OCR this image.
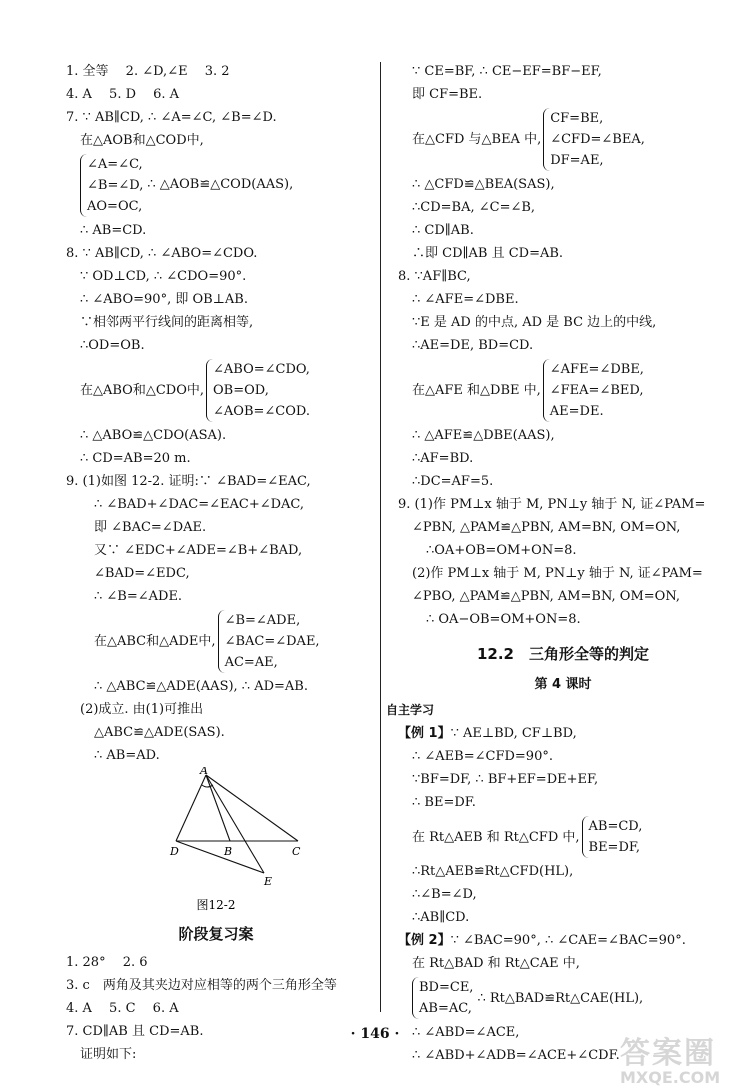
1. 全等　 2. ∠D,∠E　 3. 2
4. A　 5. D　 6. A
7. ∵ AB∥CD, ∴ ∠A=∠C, ∠B=∠D.
在△AOB和△COD中,
∠A=∠C,
∠B=∠D,
AO=OC,
∴ △AOB≌△COD(AAS),
∴ AB=CD.
8. ∵ AB∥CD, ∴ ∠ABO=∠CDO.
∵ OD⊥CD, ∴ ∠CDO=90°.
∴ ∠ABO=90°, 即 OB⊥AB.
∵相邻两平行线间的距离相等,
∴OD=OB.
在△ABO和△CDO中,
∠ABO=∠CDO,
OB=OD,
∠AOB=∠COD.
∴ △ABO≌△CDO(ASA).
∴ CD=AB=20 m.
9. (1)如图 12-2. 证明:∵ ∠BAD=∠EAC,
∴ ∠BAD+∠DAC=∠EAC+∠DAC,
即 ∠BAC=∠DAE.
又∵ ∠EDC+∠ADE=∠B+∠BAD,
∠BAD=∠EDC,
∴ ∠B=∠ADE.
在△ABC和△ADE中,
∠B=∠ADE,
∠BAC=∠DAE,
AC=AE,
∴ △ABC≌△ADE(AAS), ∴ AD=AB.
(2)成立. 由(1)可推出
△ABC≌△ADE(SAS).
∴ AB=AD.
A
B	C
D
E
图12-2
阶段复习案
1. 28°　 2. 6
3. c　两角及其夹边对应相等的两个三角形全等
4. A　 5. C　 6. A
7. CD∥AB 且 CD=AB.
证明如下:
∵ CE=BF, ∴ CE−EF=BF−EF,
即 CF=BE.
在△CFD 与△BEA 中,
CF=BE,
∠CFD=∠BEA,
DF=AE,
∴ △CFD≌△BEA(SAS),
∴CD=BA, ∠C=∠B,
∴ CD∥AB.
∴即 CD∥AB 且 CD=AB.
8. ∵AF∥BC,
∴ ∠AFE=∠DBE.
∵E 是 AD 的中点, AD 是 BC 边上的中线,
∴AE=DE, BD=CD.
在△AFE 和△DBE 中,
∠AFE=∠DBE,
∠FEA=∠BED,
AE=DE.
∴ △AFE≌△DBE(AAS),
∴AF=BD.
∴DC=AF=5.
9. (1)作 PM⊥x 轴于 M, PN⊥y 轴于 N, 证∠PAM=
∠PBN, △PAM≌△PBN, AM=BN, OM=ON,
∴OA+OB=OM+ON=8.
(2)作 PM⊥x 轴于 M, PN⊥y 轴于 N, 证∠PAM=
∠PBO, △PAM≌△PBN, AM=BN, OM=ON,
∴ OA−OB=OM+ON=8.
12.2　三角形全等的判定
第 4 课时
自主学习
【例 1】∵ AE⊥BD, CF⊥BD,
∴ ∠AEB=∠CFD=90°.
∵BF=DF, ∴ BF+EF=DE+EF,
∴ BE=DF.
在 Rt△AEB 和 Rt△CFD 中,
AB=CD,
BE=DF,
∴Rt△AEB≌Rt△CFD(HL),
∴∠B=∠D,
∴AB∥CD.
【例 2】∵ ∠BAC=90°, ∴ ∠CAE=∠BAC=90°.
在 Rt△BAD 和 Rt△CAE 中,
BD=CE,
AB=AC,
∴ Rt△BAD≌Rt△CAE(HL),
∴ ∠ABD=∠ACE,
∴ ∠ABD+∠ADB=∠ACE+∠CDF.
· 146 ·
答案圈
MXQE.COM
